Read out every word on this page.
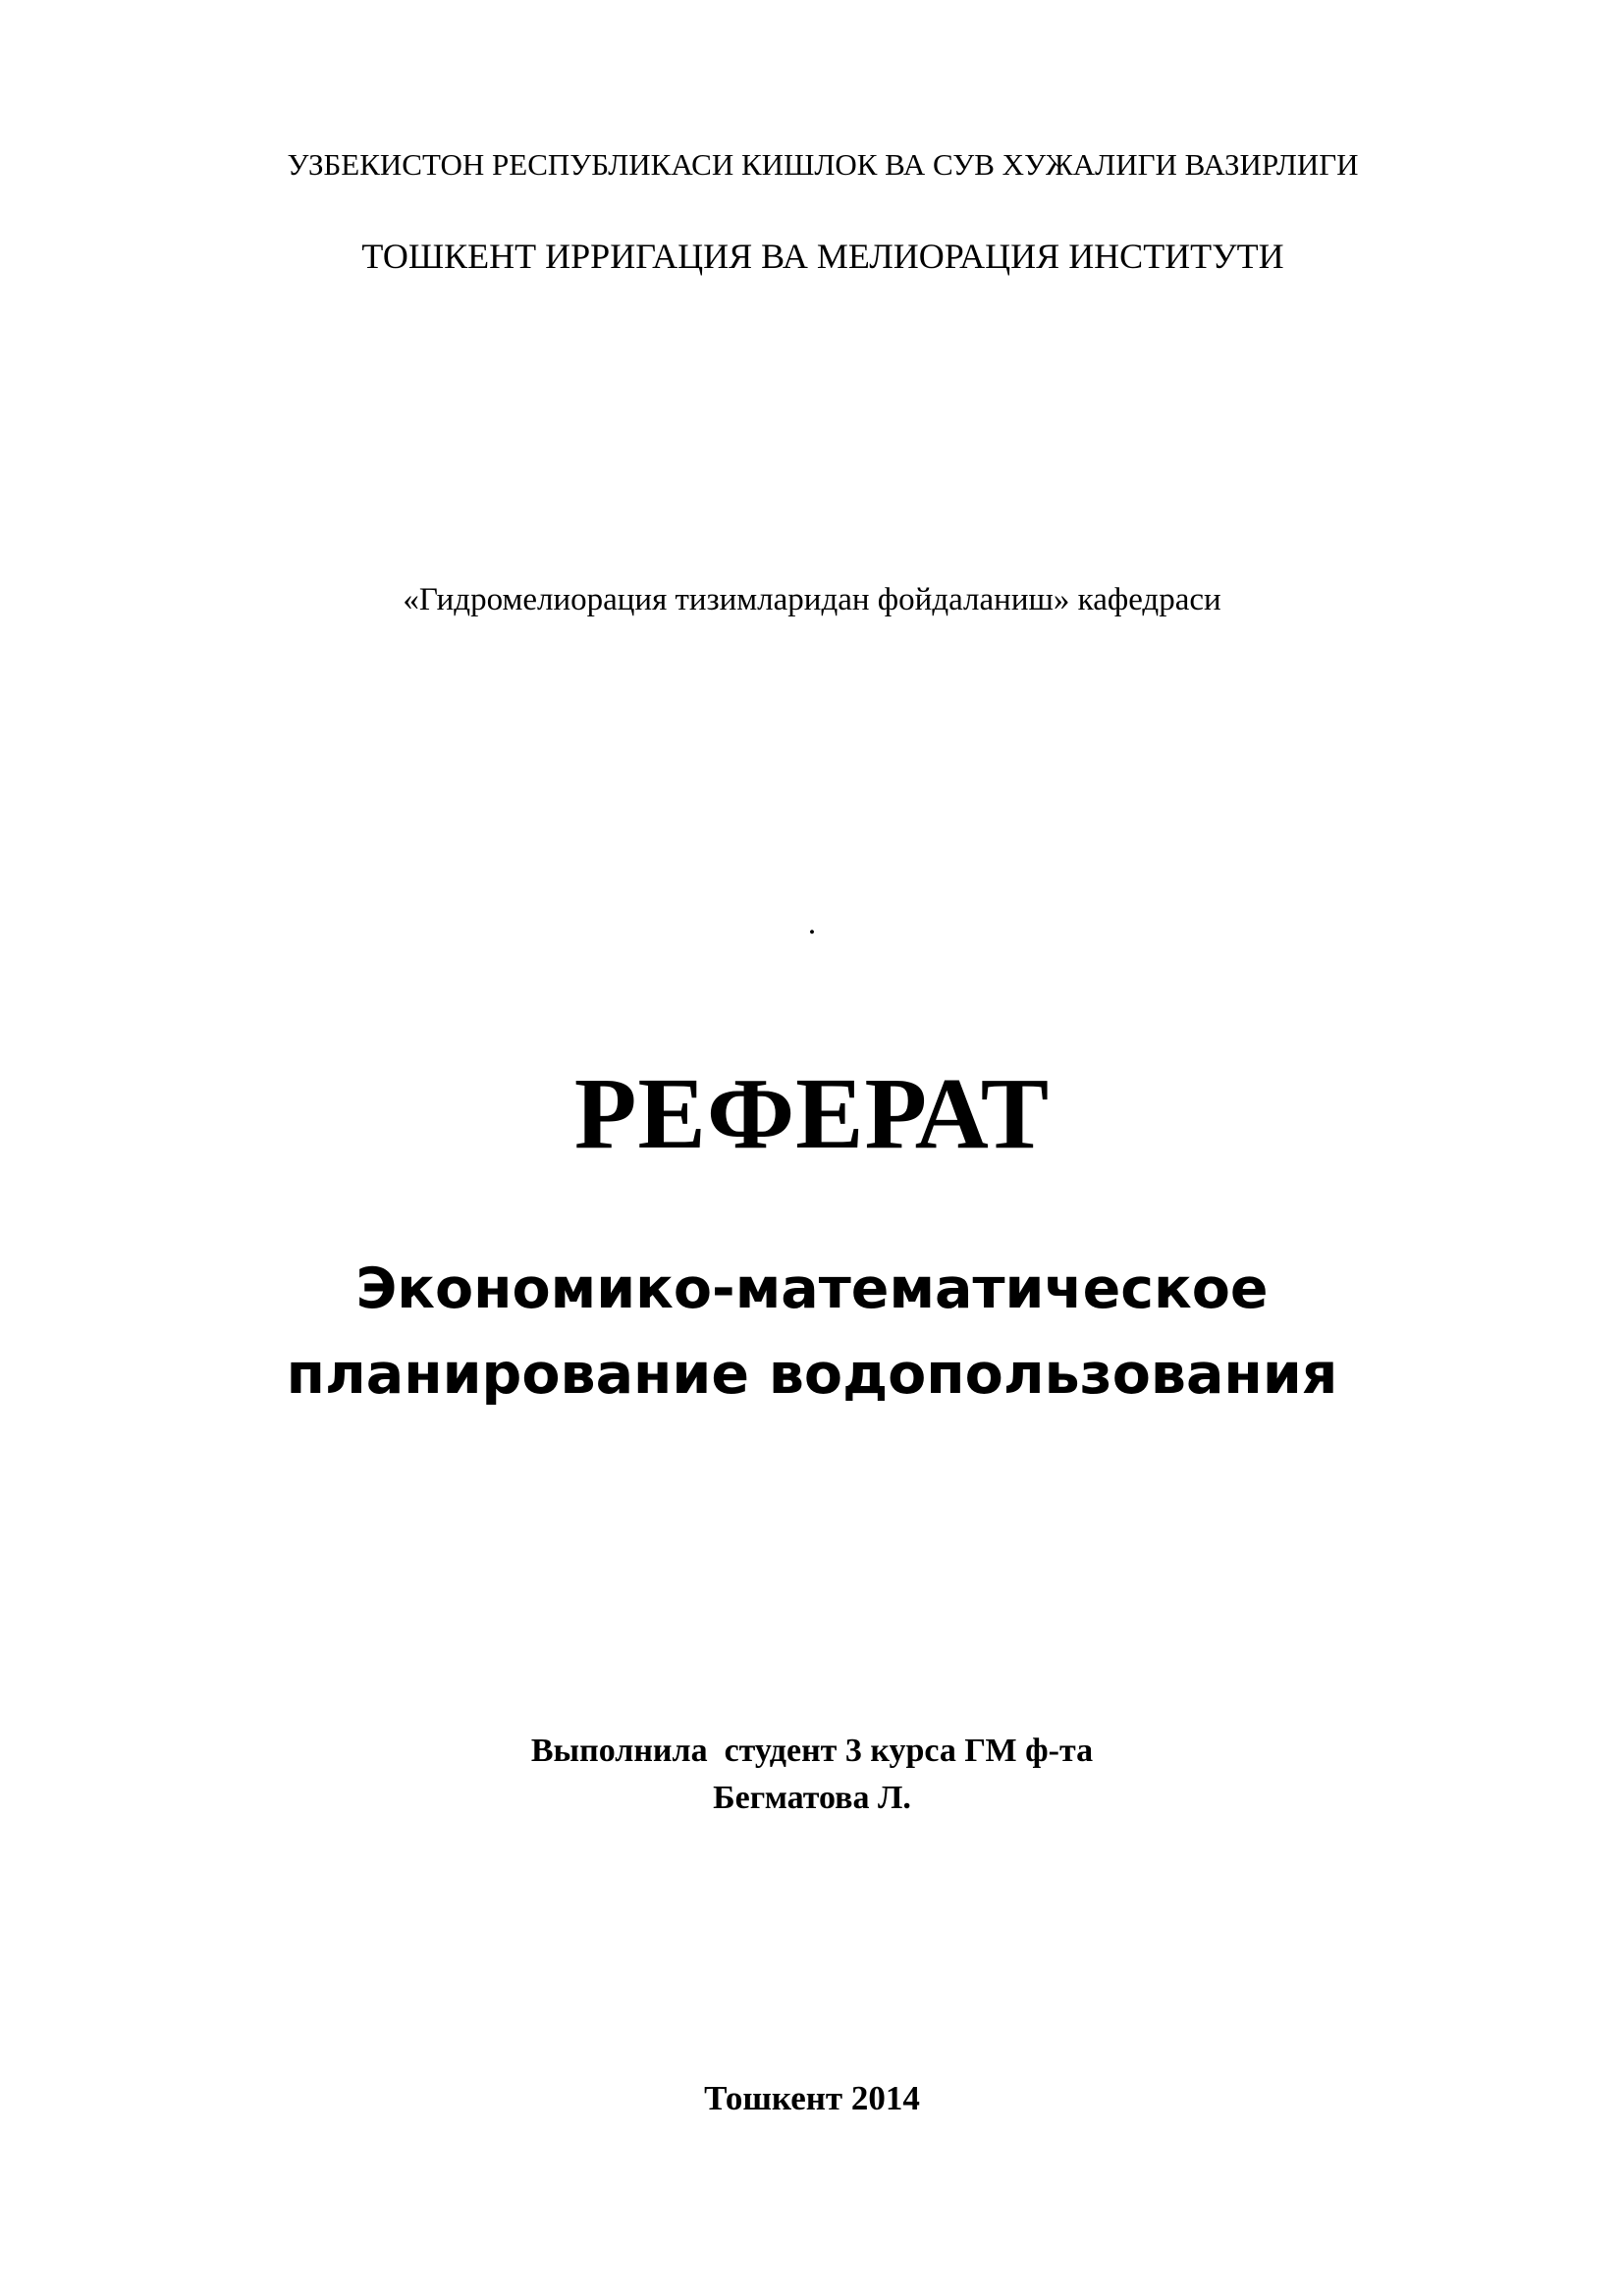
УЗБЕКИСТОН РЕСПУБЛИКАСИ КИШЛОК ВА СУВ ХУЖАЛИГИ ВАЗИРЛИГИ
ТОШКЕНТ ИРРИГАЦИЯ ВА МЕЛИОРАЦИЯ ИНСТИТУТИ
«Гидромелиорация тизимларидан фойдаланиш» кафедраси
.
РЕФЕРАТ
Экономико-математическое
планирование водопользования
Выполнила  студент 3 курса ГМ ф-та
Бегматова Л.
Тошкент 2014
